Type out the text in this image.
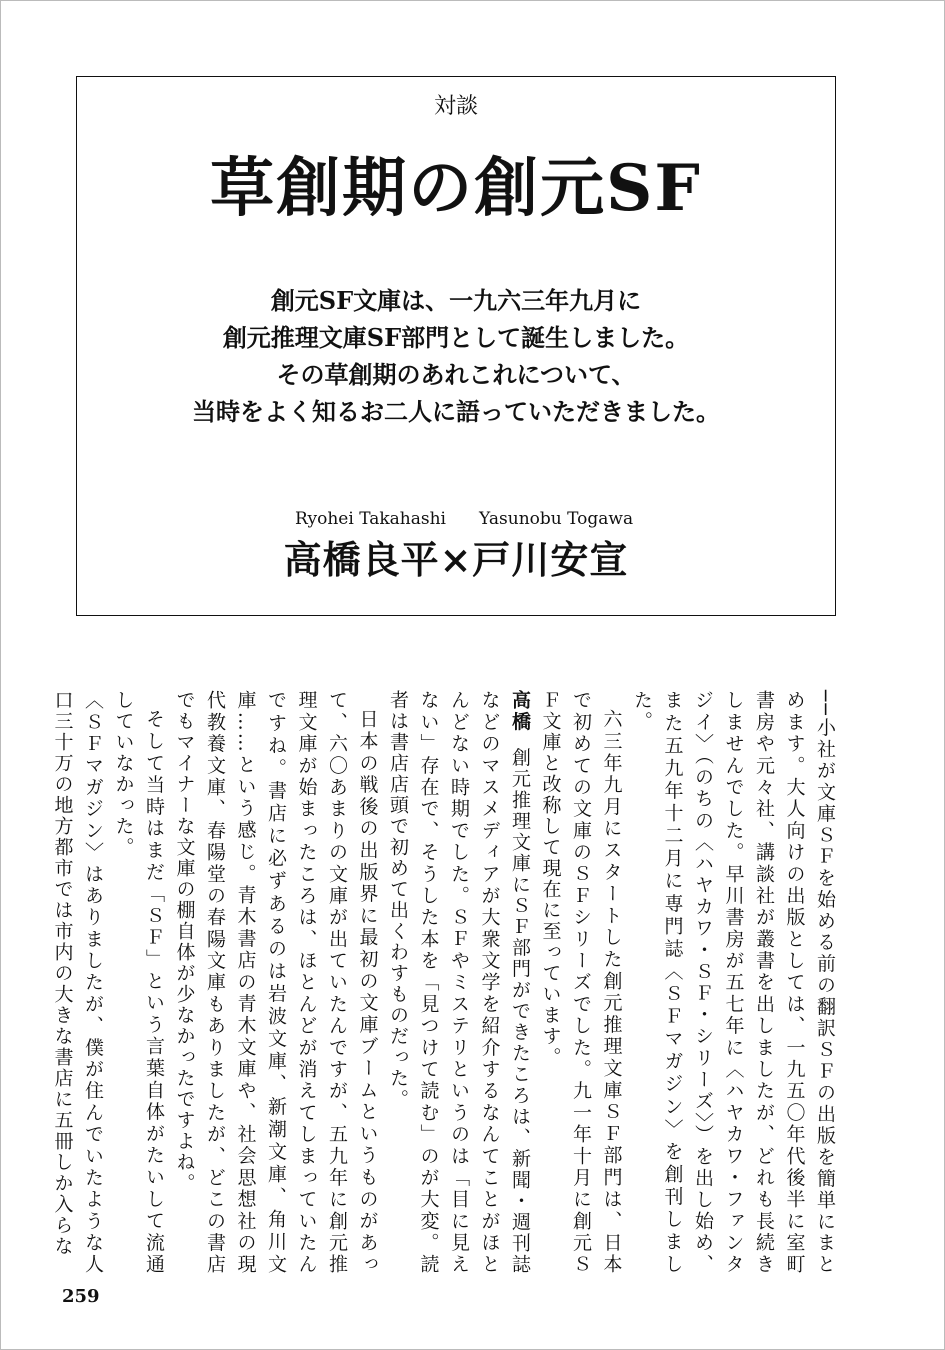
対談
草創期の創元SF
創元SF文庫は、一九六三年九月に
創元推理文庫SF部門として誕生しました。
その草創期のあれこれについて、
当時をよく知るお二人に語っていただきました。
Ryohei Takahashi Yasunobu Togawa
高橋良平×戸川安宣

──小社が文庫ＳＦを始める前の翻訳ＳＦの出版を簡単にまとめます。大人向けの出版としては、一九五〇年代後半に室町書房や元々社、講談社が叢書を出しましたが、どれも長続きしませんでした。早川書房が五七年に〈ハヤカワ・ファンタジイ〉（のちの〈ハヤカワ・ＳＦ・シリーズ〉）を出し始め、また五九年十二月に専門誌〈ＳＦマガジン〉を創刊しました。

六三年九月にスタートした創元推理文庫ＳＦ部門は、日本で初めての文庫のＳＦシリーズでした。九一年十月に創元ＳＦ文庫と改称して現在に至っています。

高橋創元推理文庫にＳＦ部門ができたころは、新聞・週刊誌などのマスメディアが大衆文学を紹介するなんてことがほとんどない時期でした。ＳＦやミステリというのは「目に見えない」存在で、そうした本を「見つけて読む」のが大変。読者は書店店頭で初めて出くわすものだった。

日本の戦後の出版界に最初の文庫ブームというものがあって、六〇あまりの文庫が出ていたんですが、五九年に創元推理文庫が始まったころは、ほとんどが消えてしまっていたんですね。書店に必ずあるのは岩波文庫、新潮文庫、角川文庫……という感じ。青木書店の青木文庫や、社会思想社の現代教養文庫、春陽堂の春陽文庫もありましたが、どこの書店でもマイナーな文庫の棚自体が少なかったですよね。

そして当時はまだ「ＳＦ」という言葉自体がたいして流通していなかった。

〈ＳＦマガジン〉はありましたが、僕が住んでいたような人口三十万の地方都市では市内の大きな書店に五冊しか入らな

259
